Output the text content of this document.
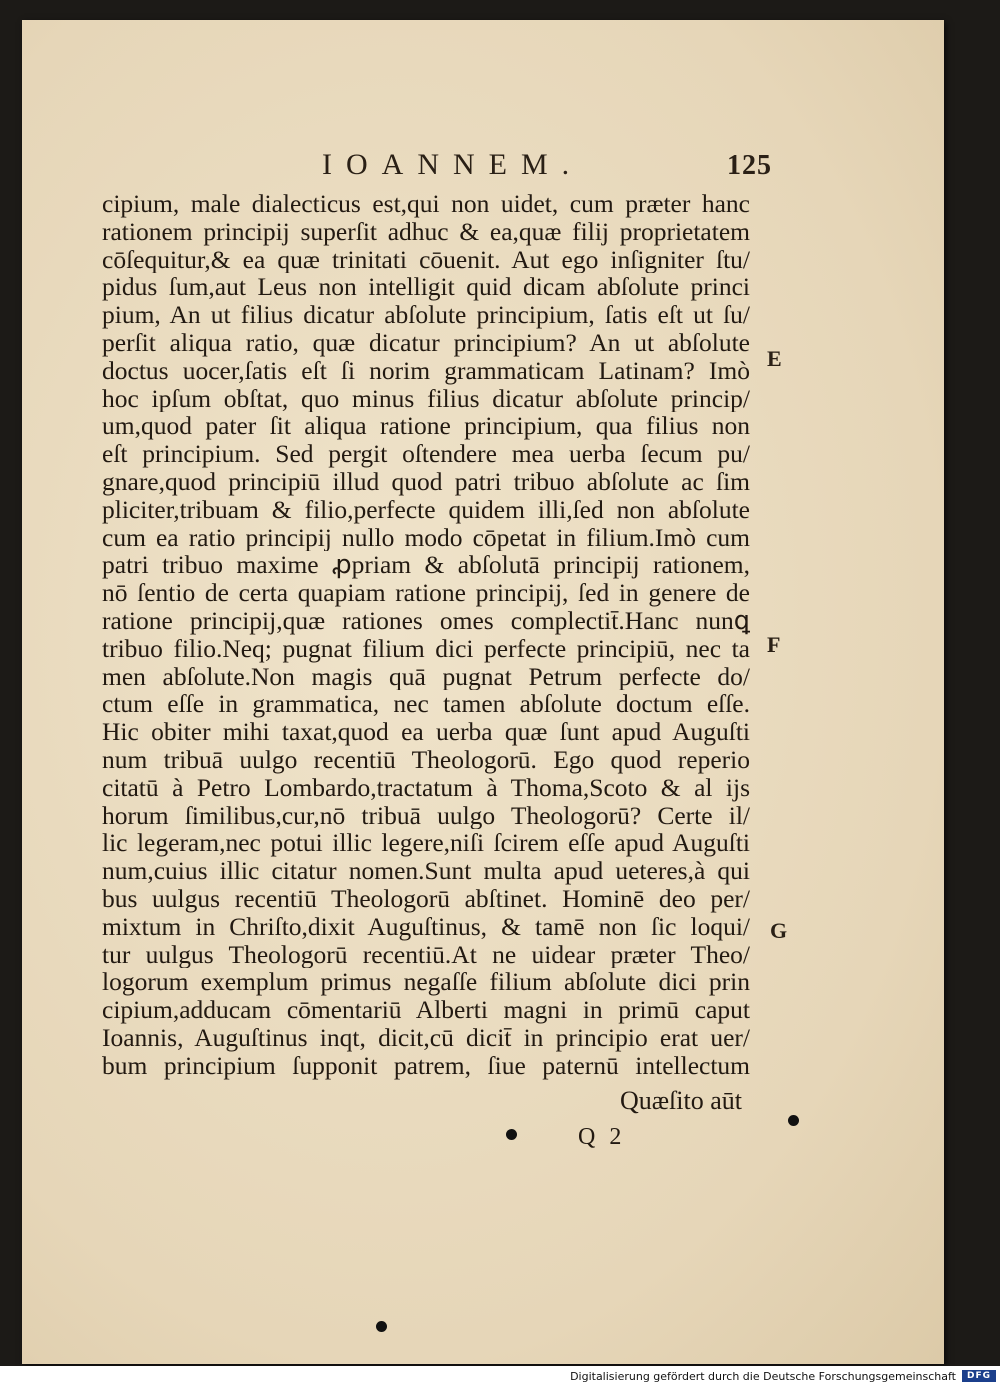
IOANNEM.	125
cipium, male dialecticus est,qui non uidet, cum præter hanc
rationem principij superſit adhuc & ea,quæ filij proprietatem
cōſequitur,& ea quæ trinitati cōuenit. Aut ego inſigniter ſtu/
pidus ſum,aut Leus non intelligit quid dicam abſolute princi
pium, An ut filius dicatur abſolute principium, ſatis eſt ut ſu/
perſit aliqua ratio, quæ dicatur principium? An ut abſolute
doctus uocer,ſatis eſt ſi norim grammaticam Latinam? Imò
hoc ipſum obſtat, quo minus filius dicatur abſolute princip/
um,quod pater ſit aliqua ratione principium, qua filius non
eſt principium. Sed pergit oſtendere mea uerba ſecum pu/
gnare,quod principiū illud quod patri tribuo abſolute ac ſim
pliciter,tribuam & filio,perfecte quidem illi,ſed non abſolute
cum ea ratio principij nullo modo cōpetat in filium.Imò cum
patri tribuo maxime ꝓpriam & abſolutā principij rationem,
nō ſentio de certa quapiam ratione principij, ſed in genere de
ratione principij,quæ rationes omes complectit̄.Hanc nunꝗ
tribuo filio.Neq; pugnat filium dici perfecte principiū, nec ta
men abſolute.Non magis quā pugnat Petrum perfecte do/
ctum eſſe in grammatica, nec tamen abſolute doctum eſſe.
Hic obiter mihi taxat,quod ea uerba quæ ſunt apud Auguſti
num tribuā uulgo recentiū Theologorū. Ego quod reperio
citatū à Petro Lombardo,tractatum à Thoma,Scoto & al ijs
horum ſimilibus,cur,nō tribuā uulgo Theologorū? Certe il/
lic legeram,nec potui illic legere,niſi ſcirem eſſe apud Auguſti
num,cuius illic citatur nomen.Sunt multa apud ueteres,à qui
bus uulgus recentiū Theologorū abſtinet. Hominē deo per/
mixtum in Chriſto,dixit Auguſtinus, & tamē non ſic loqui/
tur uulgus Theologorū recentiū.At ne uidear præter Theo/
logorum exemplum primus negaſſe filium abſolute dici prin
cipium,adducam cōmentariū Alberti magni in primū caput
Ioannis, Auguſtinus inqt, dicit,cū dicit̄ in principio erat uer/
bum principium ſupponit patrem, ſiue paternū intellectum
E
F
G
Quæſito aūt
Q 2
Digitalisierung gefördert durch die Deutsche Forschungsgemeinschaft	DFG
